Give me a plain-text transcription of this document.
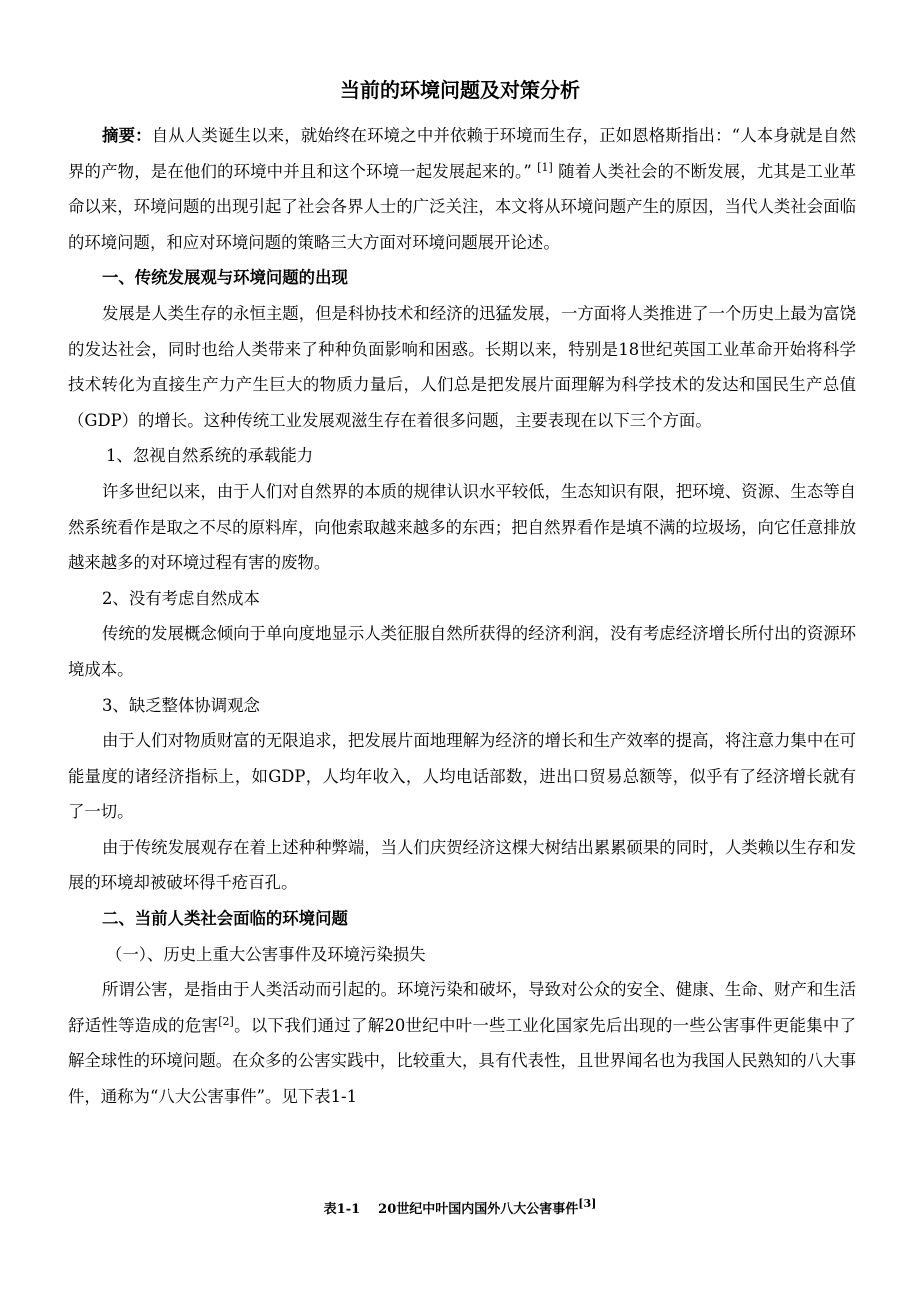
当前的环境问题及对策分析

摘要：自从人类诞生以来，就始终在环境之中并依赖于环境而生存，正如恩格斯指出：“人本身就是自然界的产物，是在他们的环境中并且和这个环境一起发展起来的。” [1] 随着人类社会的不断发展，尤其是工业革命以来，环境问题的出现引起了社会各界人士的广泛关注，本文将从环境问题产生的原因，当代人类社会面临的环境问题，和应对环境问题的策略三大方面对环境问题展开论述。

一、传统发展观与环境问题的出现

发展是人类生存的永恒主题，但是科协技术和经济的迅猛发展，一方面将人类推进了一个历史上最为富饶的发达社会，同时也给人类带来了种种负面影响和困惑。长期以来，特别是18世纪英国工业革命开始将科学技术转化为直接生产力产生巨大的物质力量后，人们总是把发展片面理解为科学技术的发达和国民生产总值（GDP）的增长。这种传统工业发展观滋生存在着很多问题，主要表现在以下三个方面。

1、忽视自然系统的承载能力

许多世纪以来，由于人们对自然界的本质的规律认识水平较低，生态知识有限，把环境、资源、生态等自然系统看作是取之不尽的原料库，向他索取越来越多的东西；把自然界看作是填不满的垃圾场，向它任意排放越来越多的对环境过程有害的废物。

2、没有考虑自然成本

传统的发展概念倾向于单向度地显示人类征服自然所获得的经济利润，没有考虑经济增长所付出的资源环境成本。

3、缺乏整体协调观念

由于人们对物质财富的无限追求，把发展片面地理解为经济的增长和生产效率的提高，将注意力集中在可能量度的诸经济指标上，如GDP，人均年收入，人均电话部数，进出口贸易总额等，似乎有了经济增长就有了一切。

由于传统发展观存在着上述种种弊端，当人们庆贺经济这棵大树结出累累硕果的同时，人类赖以生存和发展的环境却被破坏得千疮百孔。

二、当前人类社会面临的环境问题

（一）、历史上重大公害事件及环境污染损失

所谓公害，是指由于人类活动而引起的。环境污染和破坏，导致对公众的安全、健康、生命、财产和生活舒适性等造成的危害[2]。以下我们通过了解20世纪中叶一些工业化国家先后出现的一些公害事件更能集中了解全球性的环境问题。在众多的公害实践中，比较重大，具有代表性，且世界闻名也为我国人民熟知的八大事件，通称为“八大公害事件”。见下表1-1

表1-1 20世纪中叶国内国外八大公害事件[3]
